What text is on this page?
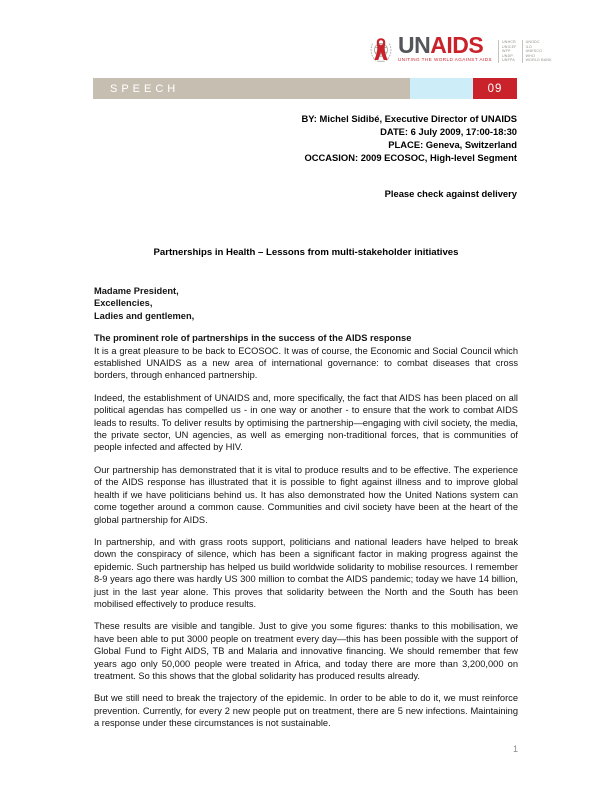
UNAIDS
UNITING THE WORLD AGAINST AIDS
UNHCR
UNICEF
WFP
UNDP
UNFPA
UNODC
ILO
UNESCO
WHO
WORLD BANK
SPEECH	09
BY: Michel Sidibé, Executive Director of UNAIDS
DATE: 6 July 2009, 17:00-18:30
PLACE: Geneva, Switzerland
OCCASION: 2009 ECOSOC, High-level Segment
Please check against delivery
Partnerships in Health – Lessons from multi-stakeholder initiatives
Madame President,
Excellencies,
Ladies and gentlemen,
The prominent role of partnerships in the success of the AIDS response

It is a great pleasure to be back to ECOSOC. It was of course, the Economic and Social Council which established UNAIDS as a new area of international governance: to combat diseases that cross borders, through enhanced partnership.

Indeed, the establishment of UNAIDS and, more specifically, the fact that AIDS has been placed on all political agendas has compelled us - in one way or another - to ensure that the work to combat AIDS leads to results. To deliver results by optimising the partnership—engaging with civil society, the media, the private sector, UN agencies, as well as emerging non-traditional forces, that is communities of people infected and affected by HIV.

Our partnership has demonstrated that it is vital to produce results and to be effective. The experience of the AIDS response has illustrated that it is possible to fight against illness and to improve global health if we have politicians behind us. It has also demonstrated how the United Nations system can come together around a common cause. Communities and civil society have been at the heart of the global partnership for AIDS.

In partnership, and with grass roots support, politicians and national leaders have helped to break down the conspiracy of silence, which has been a significant factor in making progress against the epidemic. Such partnership has helped us build worldwide solidarity to mobilise resources. I remember 8-9 years ago there was hardly US 300 million to combat the AIDS pandemic; today we have 14 billion, just in the last year alone. This proves that solidarity between the North and the South has been mobilised effectively to produce results.

These results are visible and tangible. Just to give you some figures: thanks to this mobilisation, we have been able to put 3000 people on treatment every day—this has been possible with the support of Global Fund to Fight AIDS, TB and Malaria and innovative financing. We should remember that few years ago only 50,000 people were treated in Africa, and today there are more than 3,200,000 on treatment. So this shows that the global solidarity has produced results already.

But we still need to break the trajectory of the epidemic. In order to be able to do it, we must reinforce prevention. Currently, for every 2 new people put on treatment, there are 5 new infections. Maintaining a response under these circumstances is not sustainable.

1
